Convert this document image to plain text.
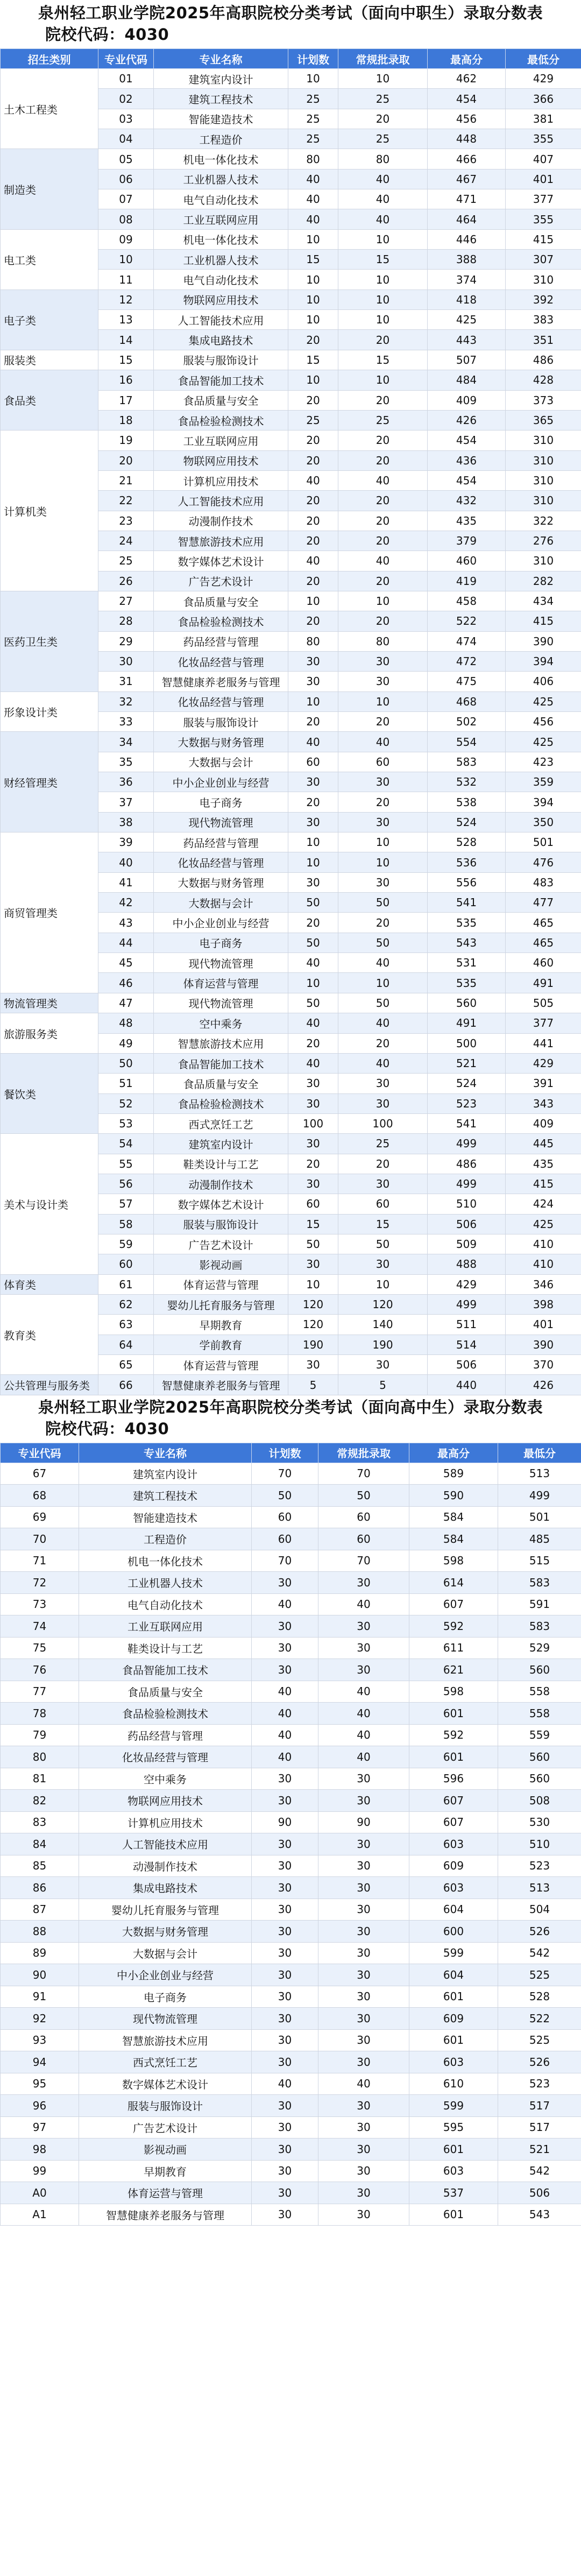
泉州轻工职业学院2025年高职院校分类考试（面向中职生）录取分数表
院校代码：4030
招生类别	专业代码	专业名称	计划数	常规批录取	最高分	最低分
土木工程类	01	建筑室内设计	10	10	462	429
	02	建筑工程技术	25	25	454	366
	03	智能建造技术	25	20	456	381
	04	工程造价	25	25	448	355
制造类	05	机电一体化技术	80	80	466	407
	06	工业机器人技术	40	40	467	401
	07	电气自动化技术	40	40	471	377
	08	工业互联网应用	40	40	464	355
电工类	09	机电一体化技术	10	10	446	415
	10	工业机器人技术	15	15	388	307
	11	电气自动化技术	10	10	374	310
电子类	12	物联网应用技术	10	10	418	392
	13	人工智能技术应用	10	10	425	383
	14	集成电路技术	20	20	443	351
服装类	15	服装与服饰设计	15	15	507	486
食品类	16	食品智能加工技术	10	10	484	428
	17	食品质量与安全	20	20	409	373
	18	食品检验检测技术	25	25	426	365
计算机类	19	工业互联网应用	20	20	454	310
	20	物联网应用技术	20	20	436	310
	21	计算机应用技术	40	40	454	310
	22	人工智能技术应用	20	20	432	310
	23	动漫制作技术	20	20	435	322
	24	智慧旅游技术应用	20	20	379	276
	25	数字媒体艺术设计	40	40	460	310
	26	广告艺术设计	20	20	419	282
医药卫生类	27	食品质量与安全	10	10	458	434
	28	食品检验检测技术	20	20	522	415
	29	药品经营与管理	80	80	474	390
	30	化妆品经营与管理	30	30	472	394
	31	智慧健康养老服务与管理	30	30	475	406
形象设计类	32	化妆品经营与管理	10	10	468	425
	33	服装与服饰设计	20	20	502	456
财经管理类	34	大数据与财务管理	40	40	554	425
	35	大数据与会计	60	60	583	423
	36	中小企业创业与经营	30	30	532	359
	37	电子商务	20	20	538	394
	38	现代物流管理	30	30	524	350
商贸管理类	39	药品经营与管理	10	10	528	501
	40	化妆品经营与管理	10	10	536	476
	41	大数据与财务管理	30	30	556	483
	42	大数据与会计	50	50	541	477
	43	中小企业创业与经营	20	20	535	465
	44	电子商务	50	50	543	465
	45	现代物流管理	40	40	531	460
	46	体育运营与管理	10	10	535	491
物流管理类	47	现代物流管理	50	50	560	505
旅游服务类	48	空中乘务	40	40	491	377
	49	智慧旅游技术应用	20	20	500	441
餐饮类	50	食品智能加工技术	40	40	521	429
	51	食品质量与安全	30	30	524	391
	52	食品检验检测技术	30	30	523	343
	53	西式烹饪工艺	100	100	541	409
美术与设计类	54	建筑室内设计	30	25	499	445
	55	鞋类设计与工艺	20	20	486	435
	56	动漫制作技术	30	30	499	415
	57	数字媒体艺术设计	60	60	510	424
	58	服装与服饰设计	15	15	506	425
	59	广告艺术设计	50	50	509	410
	60	影视动画	30	30	488	410
体育类	61	体育运营与管理	10	10	429	346
教育类	62	婴幼儿托育服务与管理	120	120	499	398
	63	早期教育	120	140	511	401
	64	学前教育	190	190	514	390
	65	体育运营与管理	30	30	506	370
公共管理与服务类	66	智慧健康养老服务与管理	5	5	440	426
泉州轻工职业学院2025年高职院校分类考试（面向高中生）录取分数表
院校代码：4030
专业代码	专业名称	计划数	常规批录取	最高分	最低分
67	建筑室内设计	70	70	589	513
68	建筑工程技术	50	50	590	499
69	智能建造技术	60	60	584	501
70	工程造价	60	60	584	485
71	机电一体化技术	70	70	598	515
72	工业机器人技术	30	30	614	583
73	电气自动化技术	40	40	607	591
74	工业互联网应用	30	30	592	583
75	鞋类设计与工艺	30	30	611	529
76	食品智能加工技术	30	30	621	560
77	食品质量与安全	40	40	598	558
78	食品检验检测技术	40	40	601	558
79	药品经营与管理	40	40	592	559
80	化妆品经营与管理	40	40	601	560
81	空中乘务	30	30	596	560
82	物联网应用技术	30	30	607	508
83	计算机应用技术	90	90	607	530
84	人工智能技术应用	30	30	603	510
85	动漫制作技术	30	30	609	523
86	集成电路技术	30	30	603	513
87	婴幼儿托育服务与管理	30	30	604	504
88	大数据与财务管理	30	30	600	526
89	大数据与会计	30	30	599	542
90	中小企业创业与经营	30	30	604	525
91	电子商务	30	30	601	528
92	现代物流管理	30	30	609	522
93	智慧旅游技术应用	30	30	601	525
94	西式烹饪工艺	30	30	603	526
95	数字媒体艺术设计	40	40	610	523
96	服装与服饰设计	30	30	599	517
97	广告艺术设计	30	30	595	517
98	影视动画	30	30	601	521
99	早期教育	30	30	603	542
A0	体育运营与管理	30	30	537	506
A1	智慧健康养老服务与管理	30	30	601	543
